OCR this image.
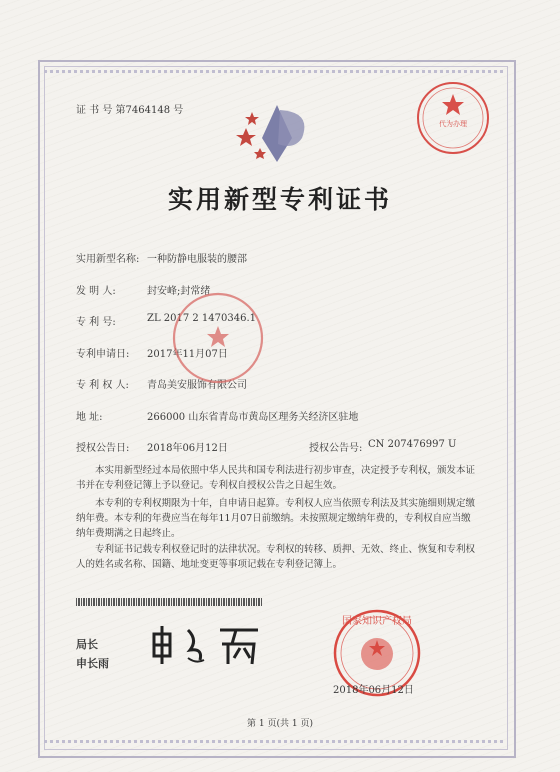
证 书 号 第7464148 号
代为办理
实用新型专利证书
实用新型名称: 一种防静电服装的腰部
发 明 人:	封安峰;封常绪
专 利 号:	ZL 2017 2 1470346.1
专利申请日: 2017年11月07日
专 利 权 人: 青岛美安服饰有限公司
地 址:	266000 山东省青岛市黄岛区理务关经济区驻地
授权公告日: 2018年06月12日	授权公告号: CN 207476997 U
本实用新型经过本局依照中华人民共和国专利法进行初步审查，决定授予专利权，颁发本证书并在专利登记簿上予以登记。专利权自授权公告之日起生效。
本专利的专利权期限为十年，自申请日起算。专利权人应当依照专利法及其实施细则规定缴纳年费。本专利的年费应当在每年11月07日前缴纳。未按照规定缴纳年费的，专利权自应当缴纳年费期满之日起终止。
专利证书记载专利权登记时的法律状况。专利权的转移、质押、无效、终止、恢复和专利权人的姓名或名称、国籍、地址变更等事项记载在专利登记簿上。
局长
申长雨
国家知识产权局
2018年06月12日
第 1 页(共 1 页)
